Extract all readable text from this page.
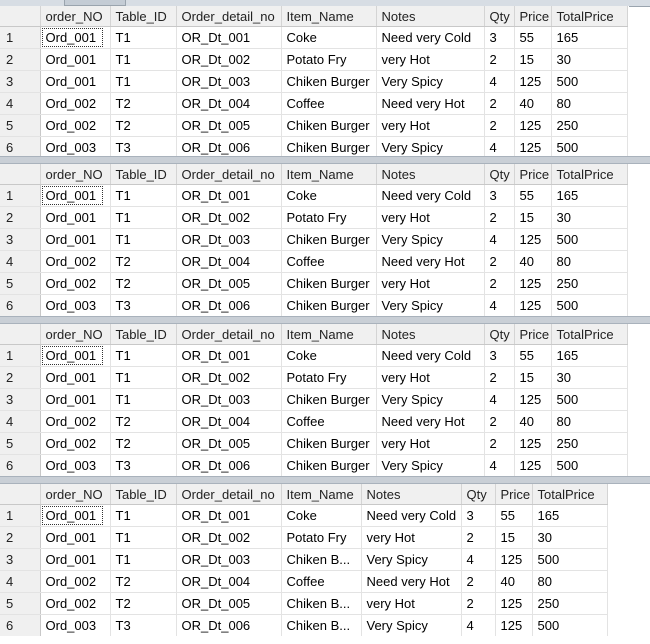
	order_NO	Table_ID	Order_detail_no	Item_Name	Notes	Qty	Price	TotalPrice
1	Ord_001	T1	OR_Dt_001	Coke	Need very Cold	3	55	165
2	Ord_001	T1	OR_Dt_002	Potato Fry	very Hot	2	15	30
3	Ord_001	T1	OR_Dt_003	Chiken Burger	Very Spicy	4	125	500
4	Ord_002	T2	OR_Dt_004	Coffee	Need very Hot	2	40	80
5	Ord_002	T2	OR_Dt_005	Chiken Burger	very Hot	2	125	250
6	Ord_003	T3	OR_Dt_006	Chiken Burger	Very Spicy	4	125	500
	order_NO	Table_ID	Order_detail_no	Item_Name	Notes	Qty	Price	TotalPrice
1	Ord_001	T1	OR_Dt_001	Coke	Need very Cold	3	55	165
2	Ord_001	T1	OR_Dt_002	Potato Fry	very Hot	2	15	30
3	Ord_001	T1	OR_Dt_003	Chiken Burger	Very Spicy	4	125	500
4	Ord_002	T2	OR_Dt_004	Coffee	Need very Hot	2	40	80
5	Ord_002	T2	OR_Dt_005	Chiken Burger	very Hot	2	125	250
6	Ord_003	T3	OR_Dt_006	Chiken Burger	Very Spicy	4	125	500
	order_NO	Table_ID	Order_detail_no	Item_Name	Notes	Qty	Price	TotalPrice
1	Ord_001	T1	OR_Dt_001	Coke	Need very Cold	3	55	165
2	Ord_001	T1	OR_Dt_002	Potato Fry	very Hot	2	15	30
3	Ord_001	T1	OR_Dt_003	Chiken Burger	Very Spicy	4	125	500
4	Ord_002	T2	OR_Dt_004	Coffee	Need very Hot	2	40	80
5	Ord_002	T2	OR_Dt_005	Chiken Burger	very Hot	2	125	250
6	Ord_003	T3	OR_Dt_006	Chiken Burger	Very Spicy	4	125	500
	order_NO	Table_ID	Order_detail_no	Item_Name	Notes	Qty	Price	TotalPrice
1	Ord_001	T1	OR_Dt_001	Coke	Need very Cold	3	55	165
2	Ord_001	T1	OR_Dt_002	Potato Fry	very Hot	2	15	30
3	Ord_001	T1	OR_Dt_003	Chiken B...	Very Spicy	4	125	500
4	Ord_002	T2	OR_Dt_004	Coffee	Need very Hot	2	40	80
5	Ord_002	T2	OR_Dt_005	Chiken B...	very Hot	2	125	250
6	Ord_003	T3	OR_Dt_006	Chiken B...	Very Spicy	4	125	500
